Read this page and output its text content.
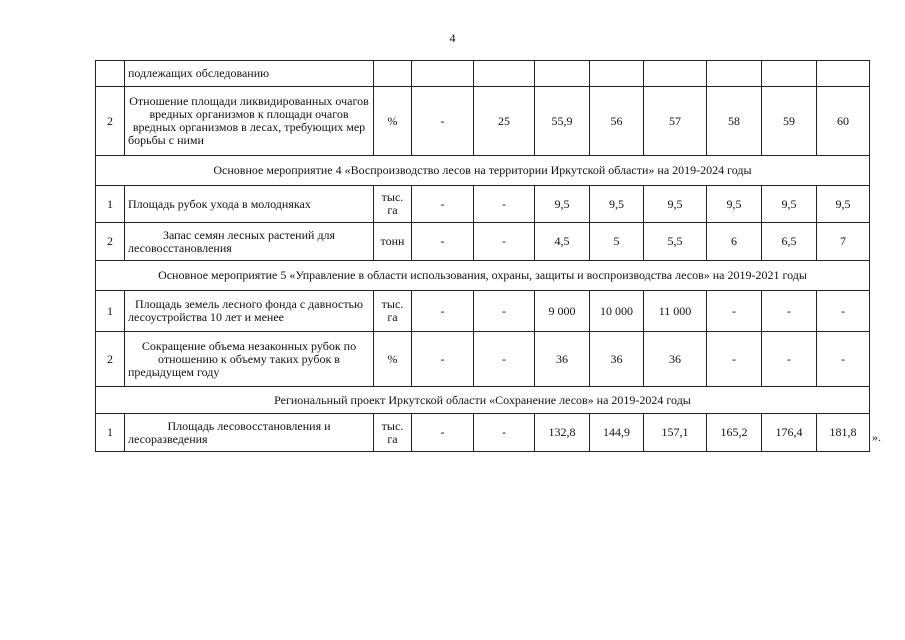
4
	подлежащих обследованию									
2	Отношение площади ликвидированных очагов вредных организмов к площади очагов вредных организмов в лесах, требующих мер борьбы с ними	%	-	25	55,9	56	57	58	59	60
Основное мероприятие 4 «Воспроизводство лесов на территории Иркутской области» на 2019-2024 годы										
1	Площадь рубок ухода в молодняках	тыс. га	-	-	9,5	9,5	9,5	9,5	9,5	9,5
2	Запас семян лесных растений для лесовосстановления	тонн	-	-	4,5	5	5,5	6	6,5	7
Основное мероприятие 5 «Управление в области использования, охраны, защиты и воспроизводства лесов» на 2019-2021 годы										
1	Площадь земель лесного фонда с давностью лесоустройства 10 лет и менее	тыс. га	-	-	9 000	10 000	11 000	-	-	-
2	Сокращение объема незаконных рубок по отношению к объему таких рубок в предыдущем году	%	-	-	36	36	36	-	-	-
Региональный проект Иркутской области «Сохранение лесов» на 2019-2024 годы										
1	Площадь лесовосстановления и лесоразведения	тыс. га	-	-	132,8	144,9	157,1	165,2	176,4	181,8 ».
